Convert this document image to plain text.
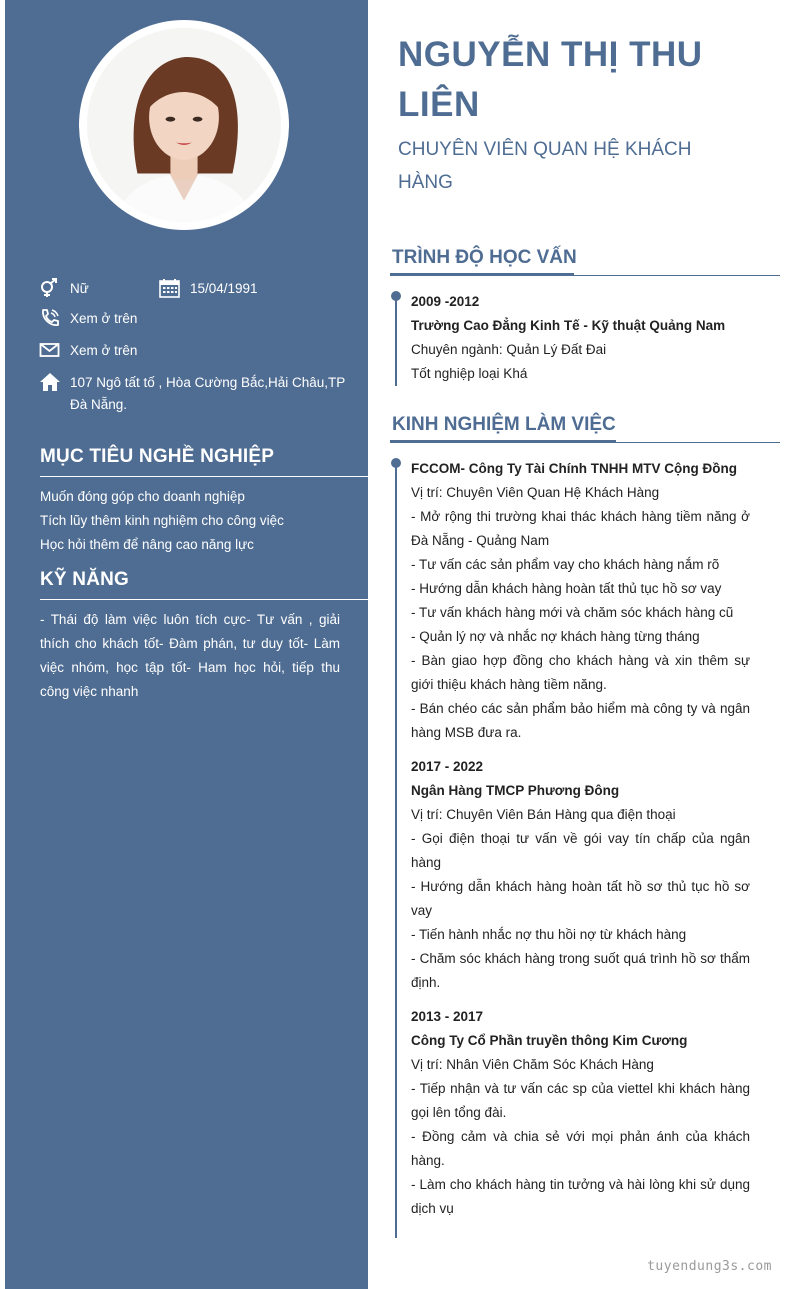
Nữ	15/04/1991
Xem ở trên
Xem ở trên
107 Ngô tất tố , Hòa Cường Bắc,Hải Châu,TP Đà Nẵng.
MỤC TIÊU NGHỀ NGHIỆP
Muốn đóng góp cho doanh nghiệp
Tích lũy thêm kinh nghiệm cho công việc
Học hỏi thêm để nâng cao năng lực
KỸ NĂNG
- Thái độ làm việc luôn tích cực- Tư vấn , giải thích cho khách tốt- Đàm phán, tư duy tốt- Làm việc nhóm, học tập tốt- Ham học hỏi, tiếp thu công việc nhanh
NGUYỄN THỊ THU LIÊN
CHUYÊN VIÊN QUAN HỆ KHÁCH HÀNG
TRÌNH ĐỘ HỌC VẤN
2009 -2012
Trường Cao Đẳng Kinh Tế - Kỹ thuật Quảng Nam
Chuyên ngành: Quản Lý Đất Đai
Tốt nghiệp loại Khá
KINH NGHIỆM LÀM VIỆC
FCCOM- Công Ty Tài Chính TNHH MTV Cộng Đồng
Vị trí: Chuyên Viên Quan Hệ Khách Hàng
- Mở rộng thi trường khai thác khách hàng tiềm năng ở Đà Nẵng - Quảng Nam
- Tư vấn các sản phẩm vay cho khách hàng nắm rõ
- Hướng dẫn khách hàng hoàn tất thủ tục hồ sơ vay
- Tư vấn khách hàng mới và chăm sóc khách hàng cũ
- Quản lý nợ và nhắc nợ khách hàng từng tháng
- Bàn giao hợp đồng cho khách hàng và xin thêm sự giới thiệu khách hàng tiềm năng.
- Bán chéo các sản phẩm bảo hiểm mà công ty và ngân hàng MSB đưa ra.
2017 - 2022
Ngân Hàng TMCP Phương Đông
Vị trí: Chuyên Viên Bán Hàng qua điện thoại
- Gọi điện thoại tư vấn về gói vay tín chấp của ngân hàng
- Hướng dẫn khách hàng hoàn tất hồ sơ thủ tục hồ sơ vay
- Tiến hành nhắc nợ thu hồi nợ từ khách hàng
- Chăm sóc khách hàng trong suốt quá trình hồ sơ thẩm định.
2013 - 2017
Công Ty Cổ Phần truyền thông Kim Cương
Vị trí: Nhân Viên Chăm Sóc Khách Hàng
- Tiếp nhận và tư vấn các sp của viettel khi khách hàng gọi lên tổng đài.
- Đồng cảm và chia sẻ với mọi phản ánh của khách hàng.
- Làm cho khách hàng tin tưởng và hài lòng khi sử dụng dịch vụ
tuyendung3s.com
